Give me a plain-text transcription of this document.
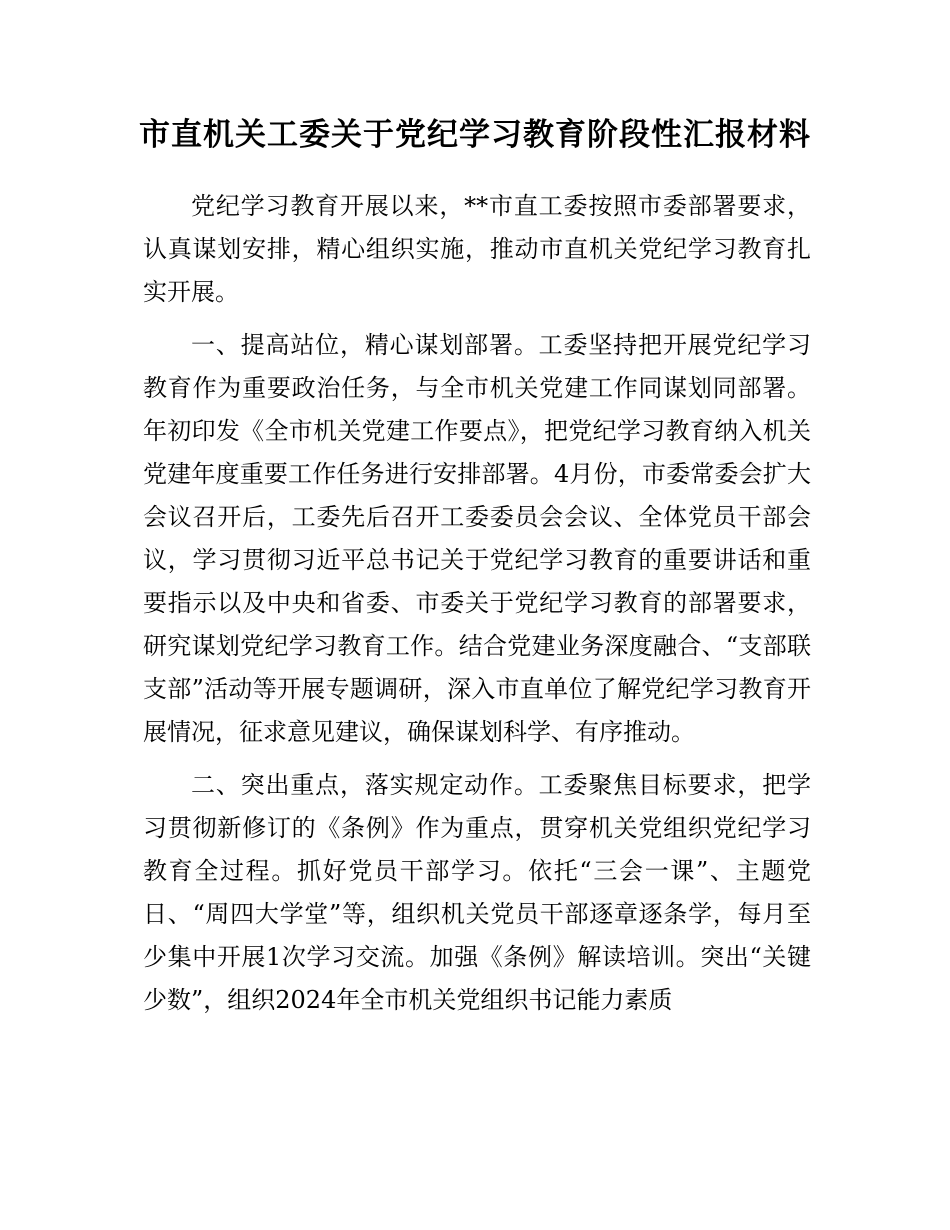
市直机关工委关于党纪学习教育阶段性汇报材料

党纪学习教育开展以来，**市直工委按照市委部署要求，认真谋划安排，精心组织实施，推动市直机关党纪学习教育扎实开展。

一、提高站位，精心谋划部署。工委坚持把开展党纪学习教育作为重要政治任务，与全市机关党建工作同谋划同部署。年初印发《全市机关党建工作要点》，把党纪学习教育纳入机关党建年度重要工作任务进行安排部署。4月份，市委常委会扩大会议召开后，工委先后召开工委委员会会议、全体党员干部会议，学习贯彻习近平总书记关于党纪学习教育的重要讲话和重要指示以及中央和省委、市委关于党纪学习教育的部署要求，研究谋划党纪学习教育工作。结合党建业务深度融合、“支部联支部”活动等开展专题调研，深入市直单位了解党纪学习教育开展情况，征求意见建议，确保谋划科学、有序推动。

二、突出重点，落实规定动作。工委聚焦目标要求，把学习贯彻新修订的《条例》作为重点，贯穿机关党组织党纪学习教育全过程。抓好党员干部学习。依托“三会一课”、主题党日、“周四大学堂”等，组织机关党员干部逐章逐条学，每月至少集中开展1次学习交流。加强《条例》解读培训。突出“关键少数”，组织2024年全市机关党组织书记能力素质
